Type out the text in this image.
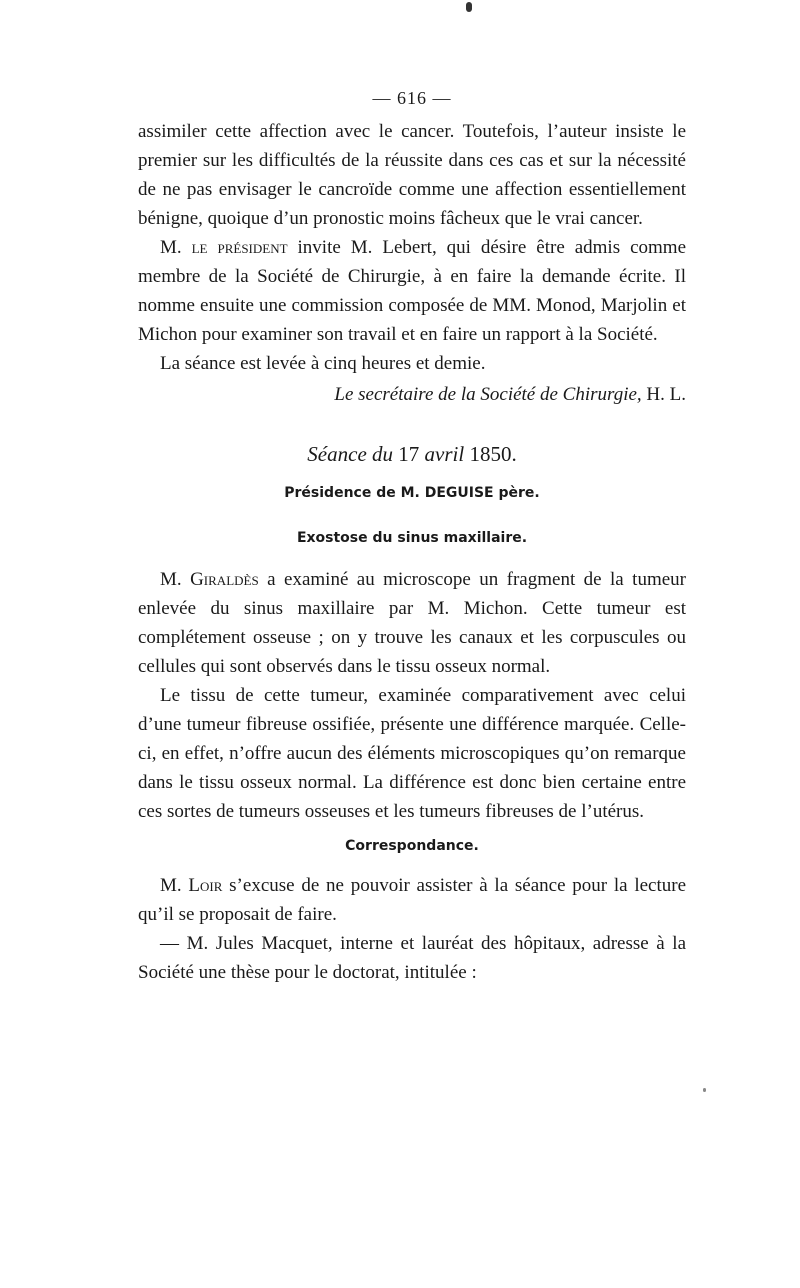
— 616 —

assimiler cette affection avec le cancer. Toutefois, l’auteur insiste le premier sur les difficultés de la réussite dans ces cas et sur la nécessité de ne pas envisager le cancroïde comme une affection essentiellement bénigne, quoique d’un pronostic moins fâcheux que le vrai cancer.

M. le président invite M. Lebert, qui désire être admis comme membre de la Société de Chirurgie, à en faire la demande écrite. Il nomme ensuite une commission composée de MM. Monod, Marjolin et Michon pour examiner son travail et en faire un rapport à la Société.

La séance est levée à cinq heures et demie.

Le secrétaire de la Société de Chirurgie, H. L.

Séance du 17 avril 1850.
Présidence de M. DEGUISE père.
Exostose du sinus maxillaire.

M. Giraldès a examiné au microscope un fragment de la tumeur enlevée du sinus maxillaire par M. Michon. Cette tumeur est complétement osseuse ; on y trouve les canaux et les corpuscules ou cellules qui sont observés dans le tissu osseux normal.

Le tissu de cette tumeur, examinée comparativement avec celui d’une tumeur fibreuse ossifiée, présente une différence marquée. Celle-ci, en effet, n’offre aucun des éléments microscopiques qu’on remarque dans le tissu osseux normal. La différence est donc bien certaine entre ces sortes de tumeurs osseuses et les tumeurs fibreuses de l’utérus.

Correspondance.

M. Loir s’excuse de ne pouvoir assister à la séance pour la lecture qu’il se proposait de faire.

— M. Jules Macquet, interne et lauréat des hôpitaux, adresse à la Société une thèse pour le doctorat, intitulée :
